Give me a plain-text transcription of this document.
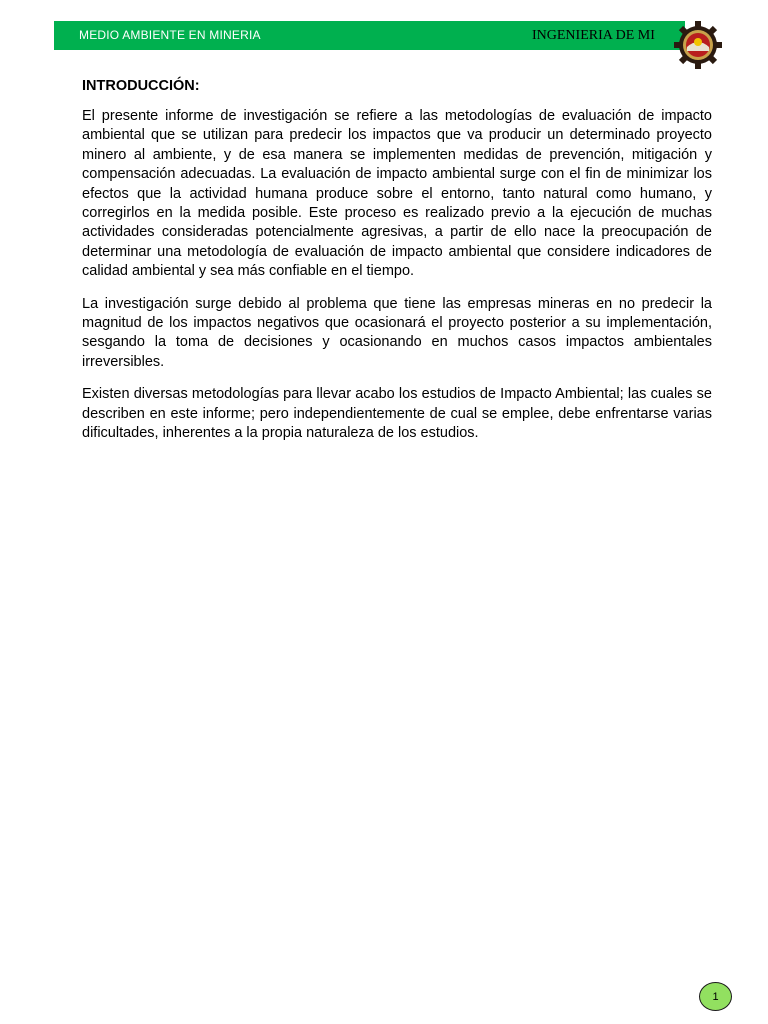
MEDIO AMBIENTE EN MINERIA	INGENIERIA DE MI
INTRODUCCIÓN:

El presente informe de investigación se refiere a las metodologías de evaluación de impacto ambiental que se utilizan para predecir los impactos que va producir un determinado proyecto minero al ambiente, y de esa manera se implementen medidas de prevención, mitigación y compensación adecuadas. La evaluación de impacto ambiental surge con el fin de minimizar los efectos que la actividad humana produce sobre el entorno, tanto natural como humano, y corregirlos en la medida posible. Este proceso es realizado previo a la ejecución de muchas actividades consideradas potencialmente agresivas, a partir de ello nace la preocupación de determinar una metodología de evaluación de impacto ambiental que considere indicadores de calidad ambiental y sea más confiable en el tiempo.

La investigación surge debido al problema que tiene las empresas mineras en no predecir la magnitud de los impactos negativos que ocasionará el proyecto posterior a su implementación, sesgando la toma de decisiones y ocasionando en muchos casos impactos ambientales irreversibles.

Existen diversas metodologías para llevar acabo los estudios de Impacto Ambiental; las cuales se describen en este informe; pero independientemente de cual se emplee, debe enfrentarse varias dificultades, inherentes a la propia naturaleza de los estudios.

1
